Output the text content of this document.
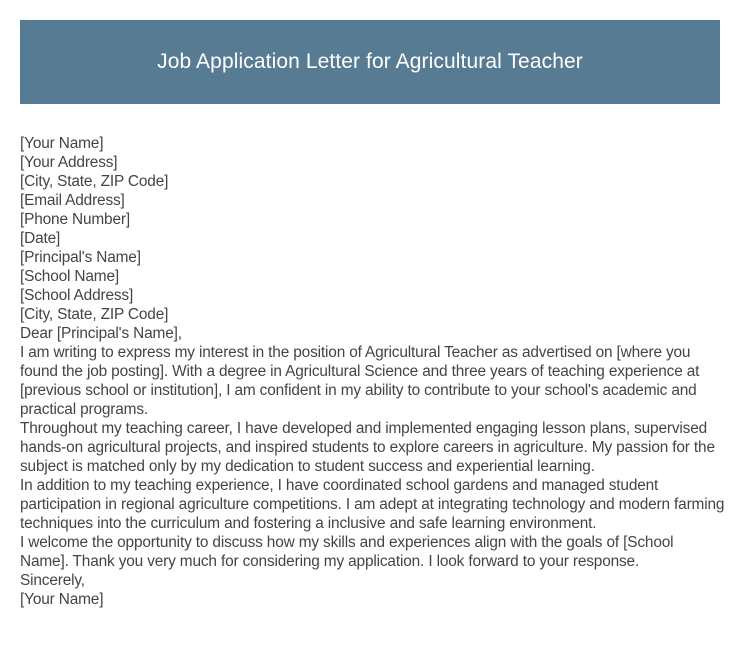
Job Application Letter for Agricultural Teacher

[Your Name]

[Your Address]

[City, State, ZIP Code]

[Email Address]

[Phone Number]

[Date]

[Principal's Name]

[School Name]

[School Address]

[City, State, ZIP Code]

Dear [Principal's Name],

I am writing to express my interest in the position of Agricultural Teacher as advertised on [where you found the job posting]. With a degree in Agricultural Science and three years of teaching experience at [previous school or institution], I am confident in my ability to contribute to your school's academic and practical programs.

Throughout my teaching career, I have developed and implemented engaging lesson plans, supervised hands-on agricultural projects, and inspired students to explore careers in agriculture. My passion for the subject is matched only by my dedication to student success and experiential learning.

In addition to my teaching experience, I have coordinated school gardens and managed student participation in regional agriculture competitions. I am adept at integrating technology and modern farming techniques into the curriculum and fostering a inclusive and safe learning environment.

I welcome the opportunity to discuss how my skills and experiences align with the goals of [School Name]. Thank you very much for considering my application. I look forward to your response.

Sincerely,

[Your Name]
